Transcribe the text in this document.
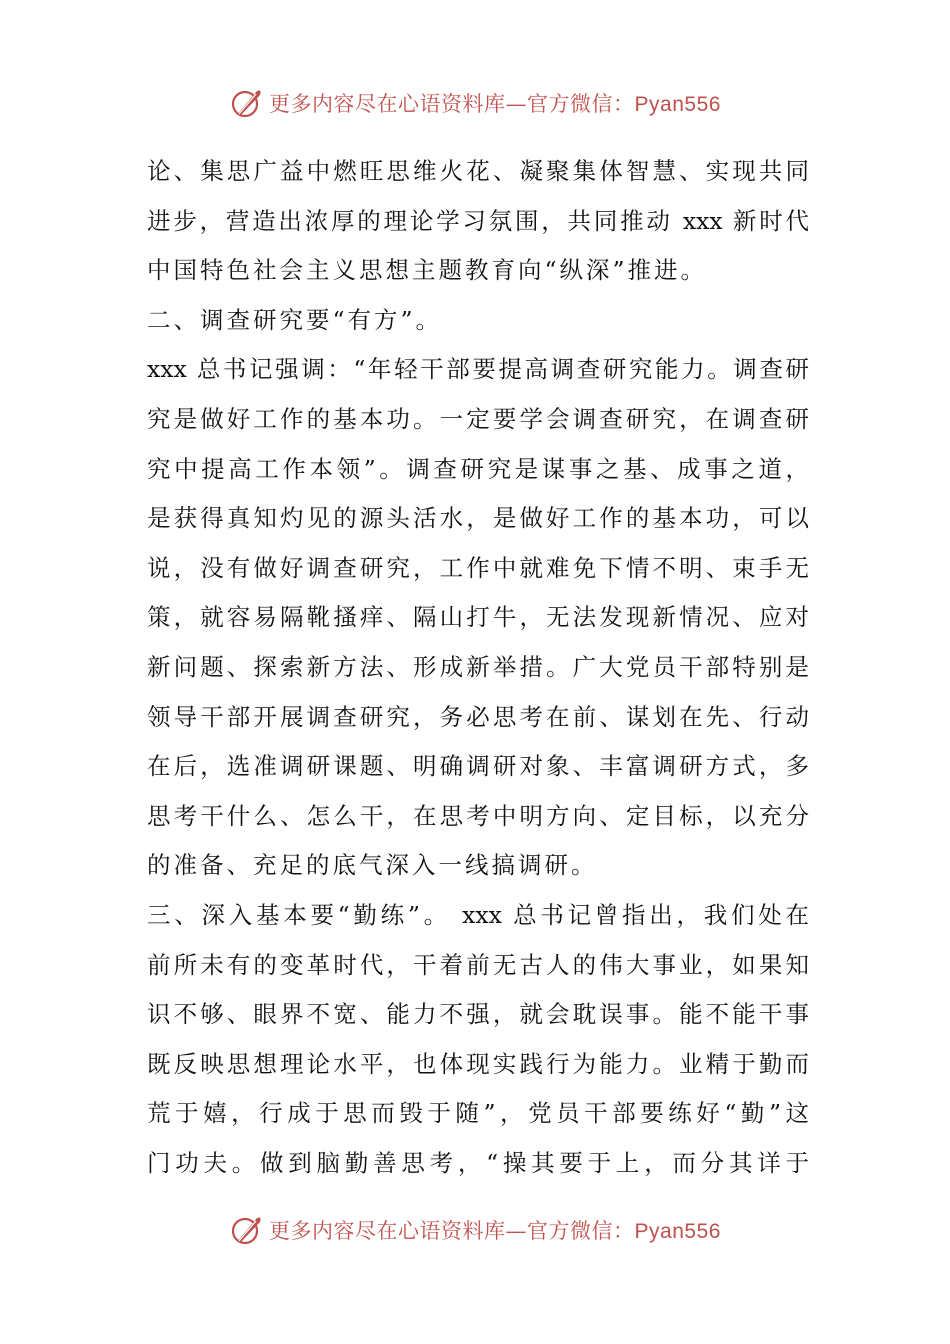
更多内容尽在心语资料库—官方微信：Pyan556
论、集思广益中燃旺思维火花、凝聚集体智慧、实现共同
进步，营造出浓厚的理论学习氛围，共同推动 xxx 新时代
中国特色社会主义思想主题教育向“纵深”推进。
二、调查研究要“有方”。
xxx 总书记强调：“年轻干部要提高调查研究能力。调查研
究是做好工作的基本功。一定要学会调查研究，在调查研
究中提高工作本领”。调查研究是谋事之基、成事之道，
是获得真知灼见的源头活水，是做好工作的基本功，可以
说，没有做好调查研究，工作中就难免下情不明、束手无
策，就容易隔靴搔痒、隔山打牛，无法发现新情况、应对
新问题、探索新方法、形成新举措。广大党员干部特别是
领导干部开展调查研究，务必思考在前、谋划在先、行动
在后，选准调研课题、明确调研对象、丰富调研方式，多
思考干什么、怎么干，在思考中明方向、定目标，以充分
的准备、充足的底气深入一线搞调研。
三、深入基本要“勤练”。 xxx 总书记曾指出，我们处在
前所未有的变革时代，干着前无古人的伟大事业，如果知
识不够、眼界不宽、能力不强，就会耽误事。能不能干事
既反映思想理论水平，也体现实践行为能力。业精于勤而
荒于嬉，行成于思而毁于随”，党员干部要练好“勤”这
门功夫。做到脑勤善思考，“操其要于上，而分其详于
更多内容尽在心语资料库—官方微信：Pyan556
